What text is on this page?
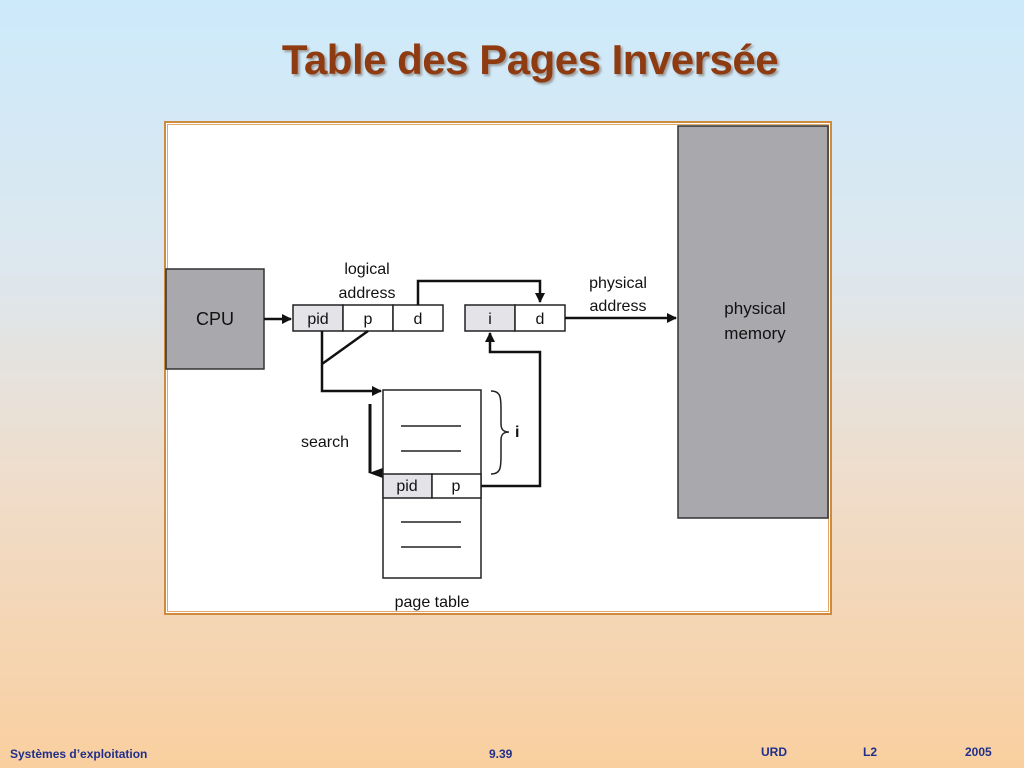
Table des Pages Inversée
physical
memory
CPU
logical
address
pid p	d
physical
address
i	d
search
pid p
page table
i
Systèmes d’exploitation	9.39	URD	L2	2005
